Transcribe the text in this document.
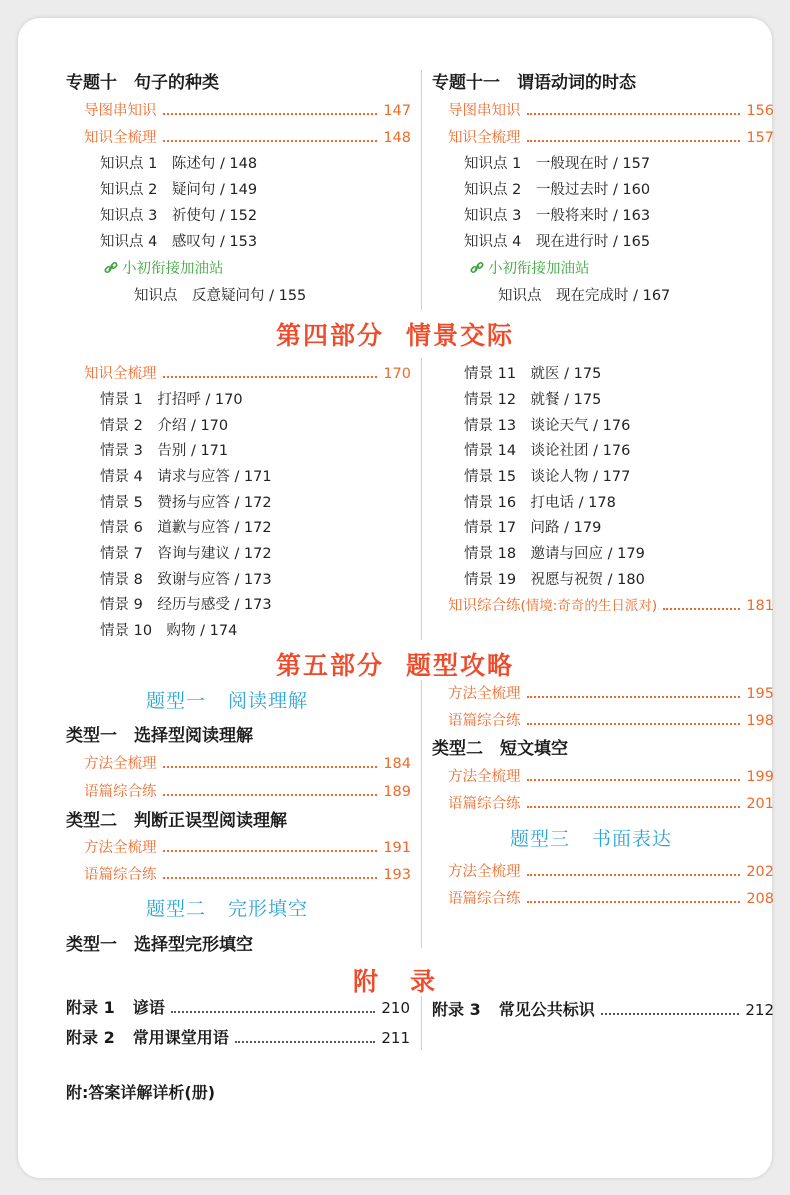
专题十　句子的种类
导图串知识	147
知识全梳理	148
知识点 1　陈述句 / 148
知识点 2　疑问句 / 149
知识点 3　祈使句 / 152
知识点 4　感叹句 / 153
小初衔接加油站
知识点　反意疑问句 / 155
专题十一　谓语动词的时态
导图串知识	156
知识全梳理	157
知识点 1　一般现在时 / 157
知识点 2　一般过去时 / 160
知识点 3　一般将来时 / 163
知识点 4　现在进行时 / 165
小初衔接加油站
知识点　现在完成时 / 167
第四部分 情景交际
知识全梳理	170
情景 1　打招呼 / 170
情景 2　介绍 / 170
情景 3　告别 / 171
情景 4　请求与应答 / 171
情景 5　赞扬与应答 / 172
情景 6　道歉与应答 / 172
情景 7　咨询与建议 / 172
情景 8　致谢与应答 / 173
情景 9　经历与感受 / 173
情景 10　购物 / 174
情景 11　就医 / 175
情景 12　就餐 / 175
情景 13　谈论天气 / 176
情景 14　谈论社团 / 176
情景 15　谈论人物 / 177
情景 16　打电话 / 178
情景 17　问路 / 179
情景 18　邀请与回应 / 179
情景 19　祝愿与祝贺 / 180
知识综合练 (情境:奇奇的生日派对)	181
第五部分 题型攻略
题型一 阅读理解
类型一　选择型阅读理解
方法全梳理	184
语篇综合练	189
类型二　判断正误型阅读理解
方法全梳理	191
语篇综合练	193
题型二 完形填空
类型一　选择型完形填空
方法全梳理	195
语篇综合练	198
类型二　短文填空
方法全梳理	199
语篇综合练	201
题型三 书面表达
方法全梳理	202
语篇综合练	208
附 录
附录 1 谚语	210
附录 2 常用课堂用语	211
附录 3 常见公共标识	212
附:答案详解详析(册)
